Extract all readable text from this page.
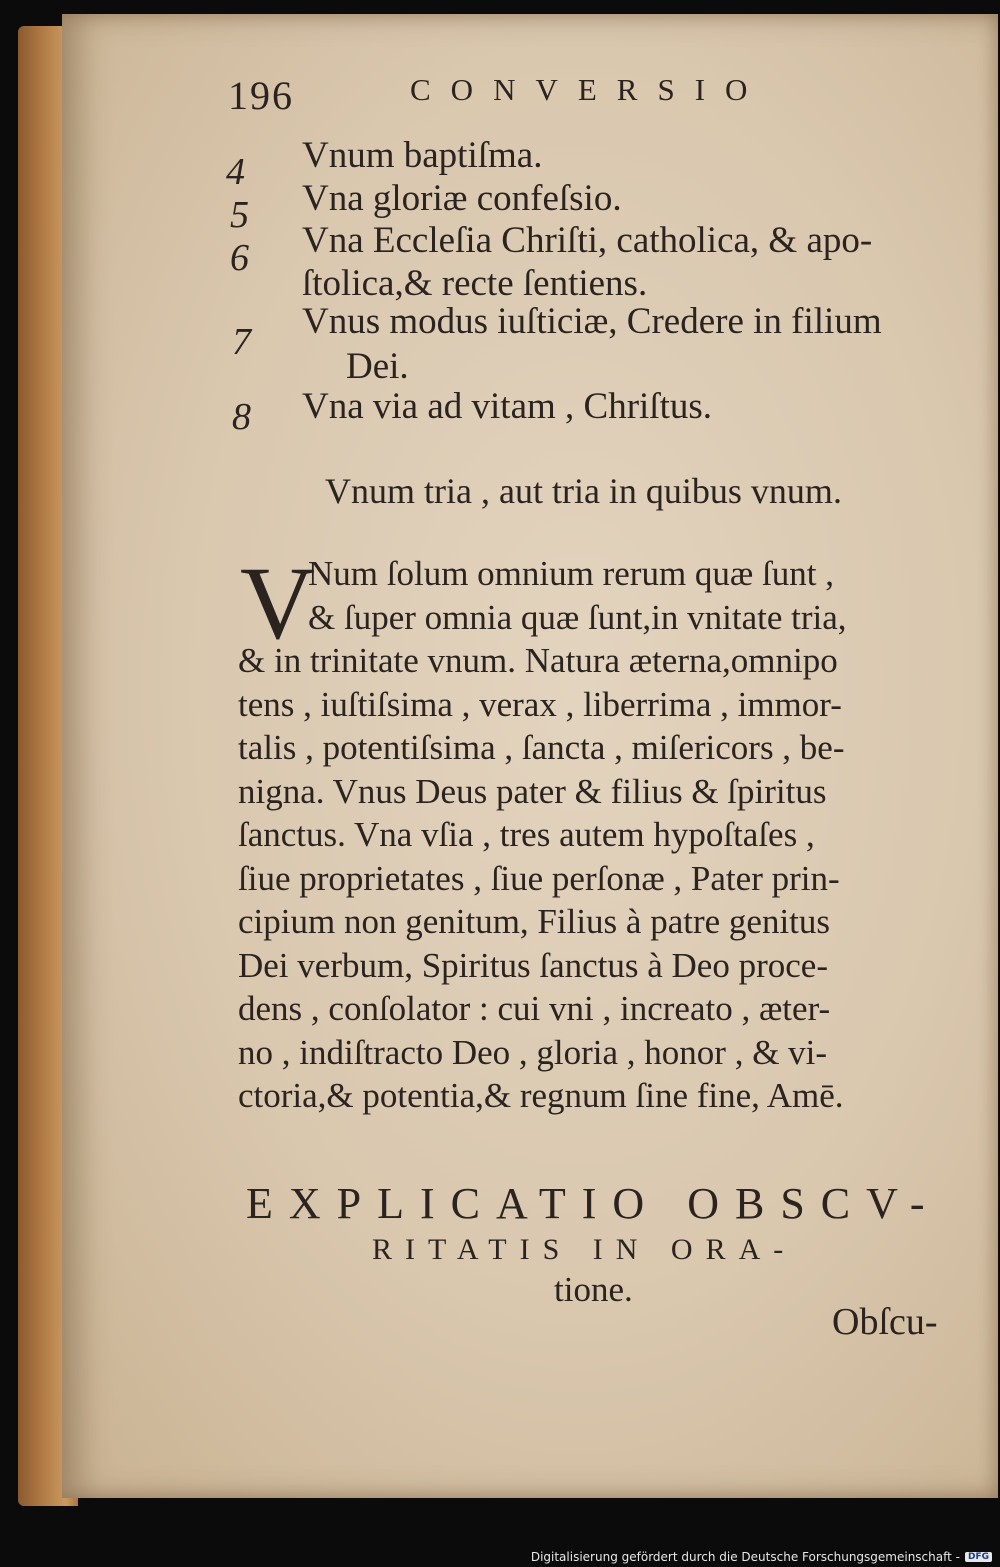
196	CONVERSIO
4 Vnum baptiſma.
5 Vna gloriæ confeſsio.
6 Vna Eccleſia Chriſti, catholica, & apo-
ſtolica,& recte ſentiens.
7 Vnus modus iuſticiæ, Credere in filium
Dei.
8 Vna via ad vitam , Chriſtus.
Vnum tria , aut tria in quibus vnum.
V
Num ſolum omnium rerum quæ ſunt ,
& ſuper omnia quæ ſunt,in vnitate tria,
& in trinitate vnum. Natura æterna,omnipo
tens , iuſtiſsima , verax , liberrima , immor-
talis , potentiſsima , ſancta , miſericors , be-
nigna. Vnus Deus pater & filius & ſpiritus
ſanctus. Vna vſia , tres autem hypoſtaſes ,
ſiue proprietates , ſiue perſonæ , Pater prin-
cipium non genitum, Filius à patre genitus
Dei verbum, Spiritus ſanctus à Deo proce-
dens , conſolator : cui vni , increato , æter-
no , indiſtracto Deo , gloria , honor , & vi-
ctoria,& potentia,& regnum ſine fine, Amē.
EXPLICATIO OBSCV-
RITATIS IN ORA-
tione.
Obſcu-
Digitalisierung gefördert durch die Deutsche Forschungsgemeinschaft - DFG
